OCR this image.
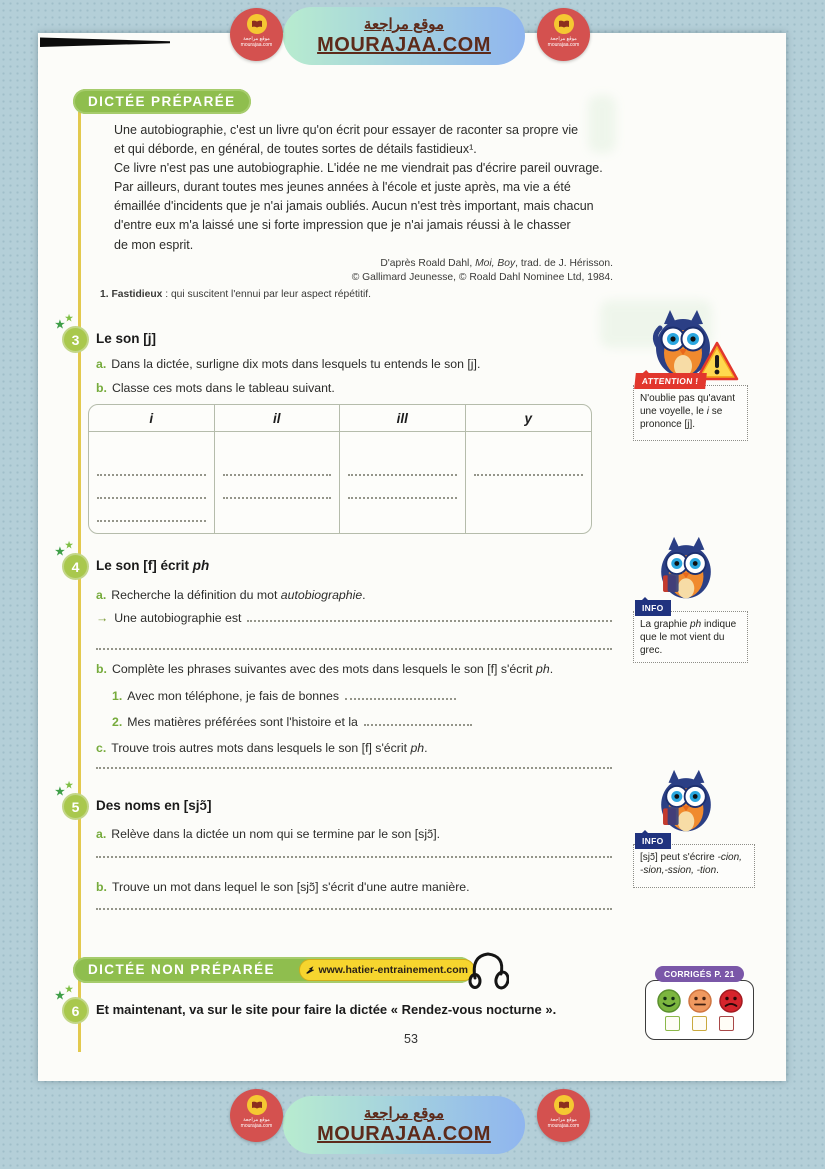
موقع مراجعة
MOURAJAA.COM
موقع مراجعة
mourajaa.com
موقع مراجعة
mourajaa.com
DICTÉE PRÉPARÉE
Une autobiographie, c'est un livre qu'on écrit pour essayer de raconter sa propre vie
et qui déborde, en général, de toutes sortes de détails fastidieux¹.
Ce livre n'est pas une autobiographie. L'idée ne me viendrait pas d'écrire pareil ouvrage.
Par ailleurs, durant toutes mes jeunes années à l'école et juste après, ma vie a été
émaillée d'incidents que je n'ai jamais oubliés. Aucun n'est très important, mais chacun
d'entre eux m'a laissé une si forte impression que je n'ai jamais réussi à le chasser
de mon esprit.
D'après Roald Dahl, Moi, Boy, trad. de J. Hérisson.
© Gallimard Jeunesse, © Roald Dahl Nominee Ltd, 1984.
1. Fastidieux : qui suscitent l'ennui par leur aspect répétitif.
★
★
3 Le son [j]
a. Dans la dictée, surligne dix mots dans lesquels tu entends le son [j].
b. Classe ces mots dans le tableau suivant.
i	il	ill	y
ATTENTION !
N'oublie pas qu'avant une voyelle, le i se prononce [j].
★
★
4 Le son [f] écrit ph
a. Recherche la définition du mot autobiographie.
→ Une autobiographie est
b. Complète les phrases suivantes avec des mots dans lesquels le son [f] s'écrit ph.
1. Avec mon téléphone, je fais de bonnes
2. Mes matières préférées sont l'histoire et la
c. Trouve trois autres mots dans lesquels le son [f] s'écrit ph.
INFO
La graphie ph indique que le mot vient du grec.
★
★
5 Des noms en [sjɔ̃]
a. Relève dans la dictée un nom qui se termine par le son [sjɔ̃].
b. Trouve un mot dans lequel le son [sjɔ̃] s'écrit d'une autre manière.
INFO
[sjɔ̃] peut s'écrire -cion, -sion,-ssion, -tion.
DICTÉE NON PRÉPARÉE	www.hatier-entrainement.com
★
★
6 Et maintenant, va sur le site pour faire la dictée « Rendez-vous nocturne ».
CORRIGÉS P. 21
53
موقع مراجعة
MOURAJAA.COM
موقع مراجعة
mourajaa.com
موقع مراجعة
mourajaa.com
